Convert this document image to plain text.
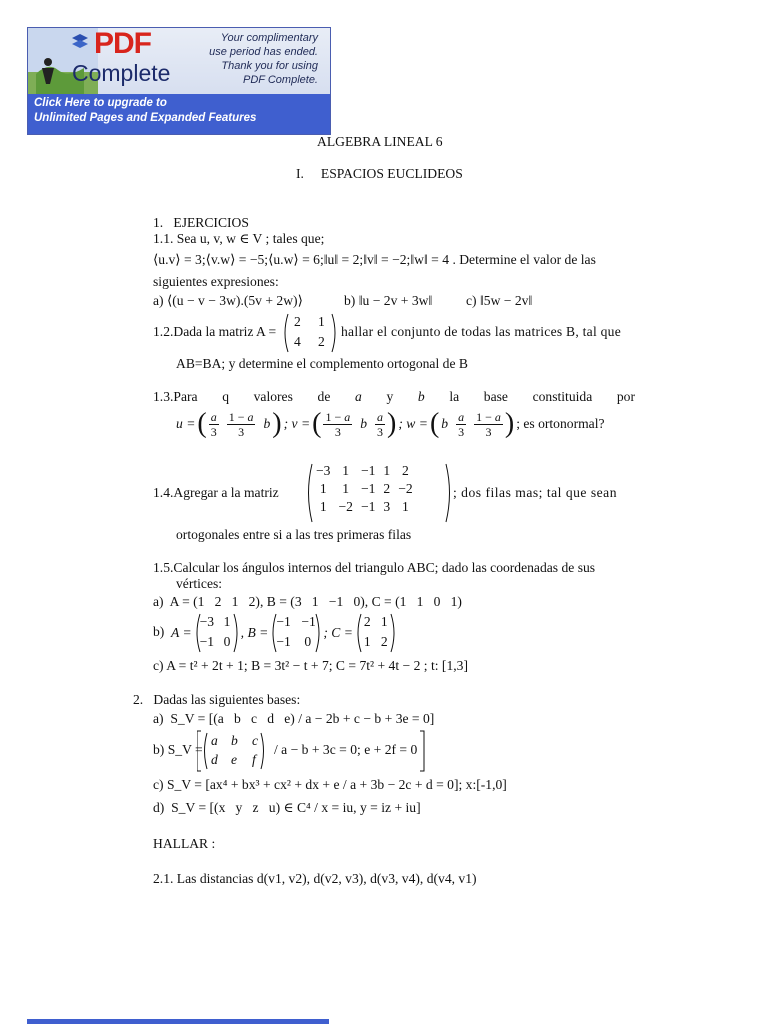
PDF
Complete
Your complimentary
use period has ended.
Thank you for using
PDF Complete.
Click Here to upgrade to
Unlimited Pages and Expanded Features
ALGEBRA LINEAL 6
I.     ESPACIOS EUCLIDEOS
1.   EJERCICIOS
1.1. Sea u, v, w ∈ V ; tales que;
⟨u.v⟩ = 3;⟨v.w⟩ = −5;⟨u.w⟩ = 6;‖u‖ = 2;‖v‖ = −2;‖w‖ = 4 . Determine el valor de las
siguientes expresiones:
a) ⟨(u − v − 3w).(5v + 2w)⟩	b) ‖u − 2v + 3w‖ c) ‖5w − 2v‖
1.2.Dada la matriz A =
2 1
4 2
hallar el conjunto de todas las matrices B, tal que
AB=BA; y determine el complemento ortogonal de B
1.3.Para q valores de a y b la base constituida por
u = ( $\frac{a}{3} \frac{1 - a}{3}$ b ) ; v = ( $\frac{1 - a}{3}$ b $\frac{a}{3}$ ) ; w = ( b $\frac{a}{3} \frac{1 - a}{3}$ ) ; es ortonormal?
1.4.Agregar a la matriz
−3	1	−1	1	2
1	1	−1	2	−2
1	−2	−1	3	1
; dos filas mas; tal que sean
ortogonales entre si a las tres primeras filas
1.5.Calcular los ángulos internos del triangulo ABC; dado las coordenadas de sus
vértices:
a)  A = (1   2   1   2), B = (3   1   −1   0), C = (1   1   0   1)
b) A =
−3 1
−1 0
, B =
−1 −1
−1 0
; C =
2 1
1 2
c) A = t² + 2t + 1; B = 3t² − t + 7; C = 7t² + 4t − 2 ; t: [1,3]
2.   Dadas las siguientes bases:
a)  S_V = [(a   b   c   d   e) / a − 2b + c − b + 3e = 0]
b) S_V =
a b c
d e f
/ a − b + 3c = 0; e + 2f = 0
c) S_V = [ax⁴ + bx³ + cx² + dx + e / a + 3b − 2c + d = 0]; x:[-1,0]
d)  S_V = [(x   y   z   u) ∈ C⁴ / x = iu, y = iz + iu]
HALLAR :
2.1. Las distancias d(v1, v2), d(v2, v3), d(v3, v4), d(v4, v1)
